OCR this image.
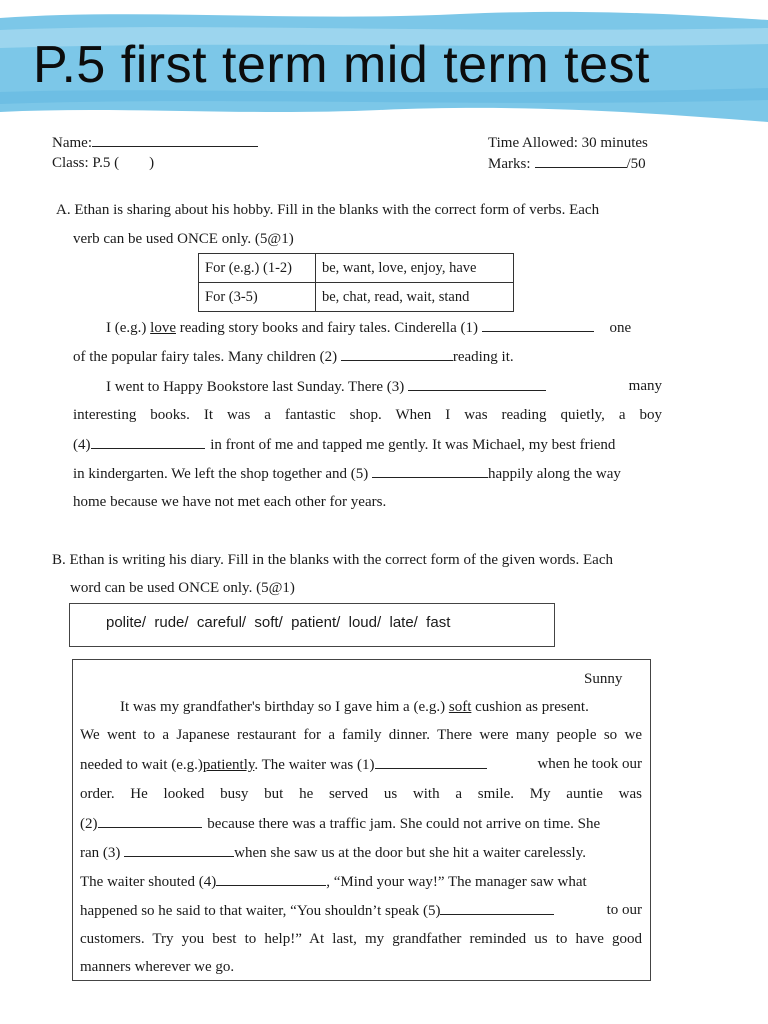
P.5 first term mid term test
Name:
Class: P.5 ( )
Time Allowed: 30 minutes
Marks:	/50
A. Ethan is sharing about his hobby. Fill in the blanks with the correct form of verbs. Each
verb can be used ONCE only. (5@1)
For (e.g.) (1-2)	be, want, love, enjoy, have
For (3-5)	be, chat, read, wait, stand
I (e.g.) love reading story books and fairy tales. Cinderella (1)	one
of the popular fairy tales. Many children (2)	reading it.
I went to Happy Bookstore last Sunday. There (3)	many
interesting books. It was a fantastic shop. When I was reading quietly, a boy
(4)	in front of me and tapped me gently. It was Michael, my best friend
in kindergarten. We left the shop together and (5)	happily along the way
home because we have not met each other for years.
B. Ethan is writing his diary. Fill in the blanks with the correct form of the given words. Each
word can be used ONCE only. (5@1)
polite/  rude/  careful/  soft/  patient/  loud/  late/  fast
Sunny
It was my grandfather's birthday so I gave him a (e.g.) soft cushion as present.
We went to a Japanese restaurant for a family dinner. There were many people so we
needed to wait (e.g.)patiently. The waiter was (1)	when he took our
order. He looked busy but he served us with a smile. My auntie was
(2)	because there was a traffic jam. She could not arrive on time. She
ran (3)	when she saw us at the door but she hit a waiter carelessly.
The waiter shouted (4)	, “Mind your way!” The manager saw what
happened so he said to that waiter, “You shouldn’t speak (5)	to our
customers. Try you best to help!” At last, my grandfather reminded us to have good
manners wherever we go.
